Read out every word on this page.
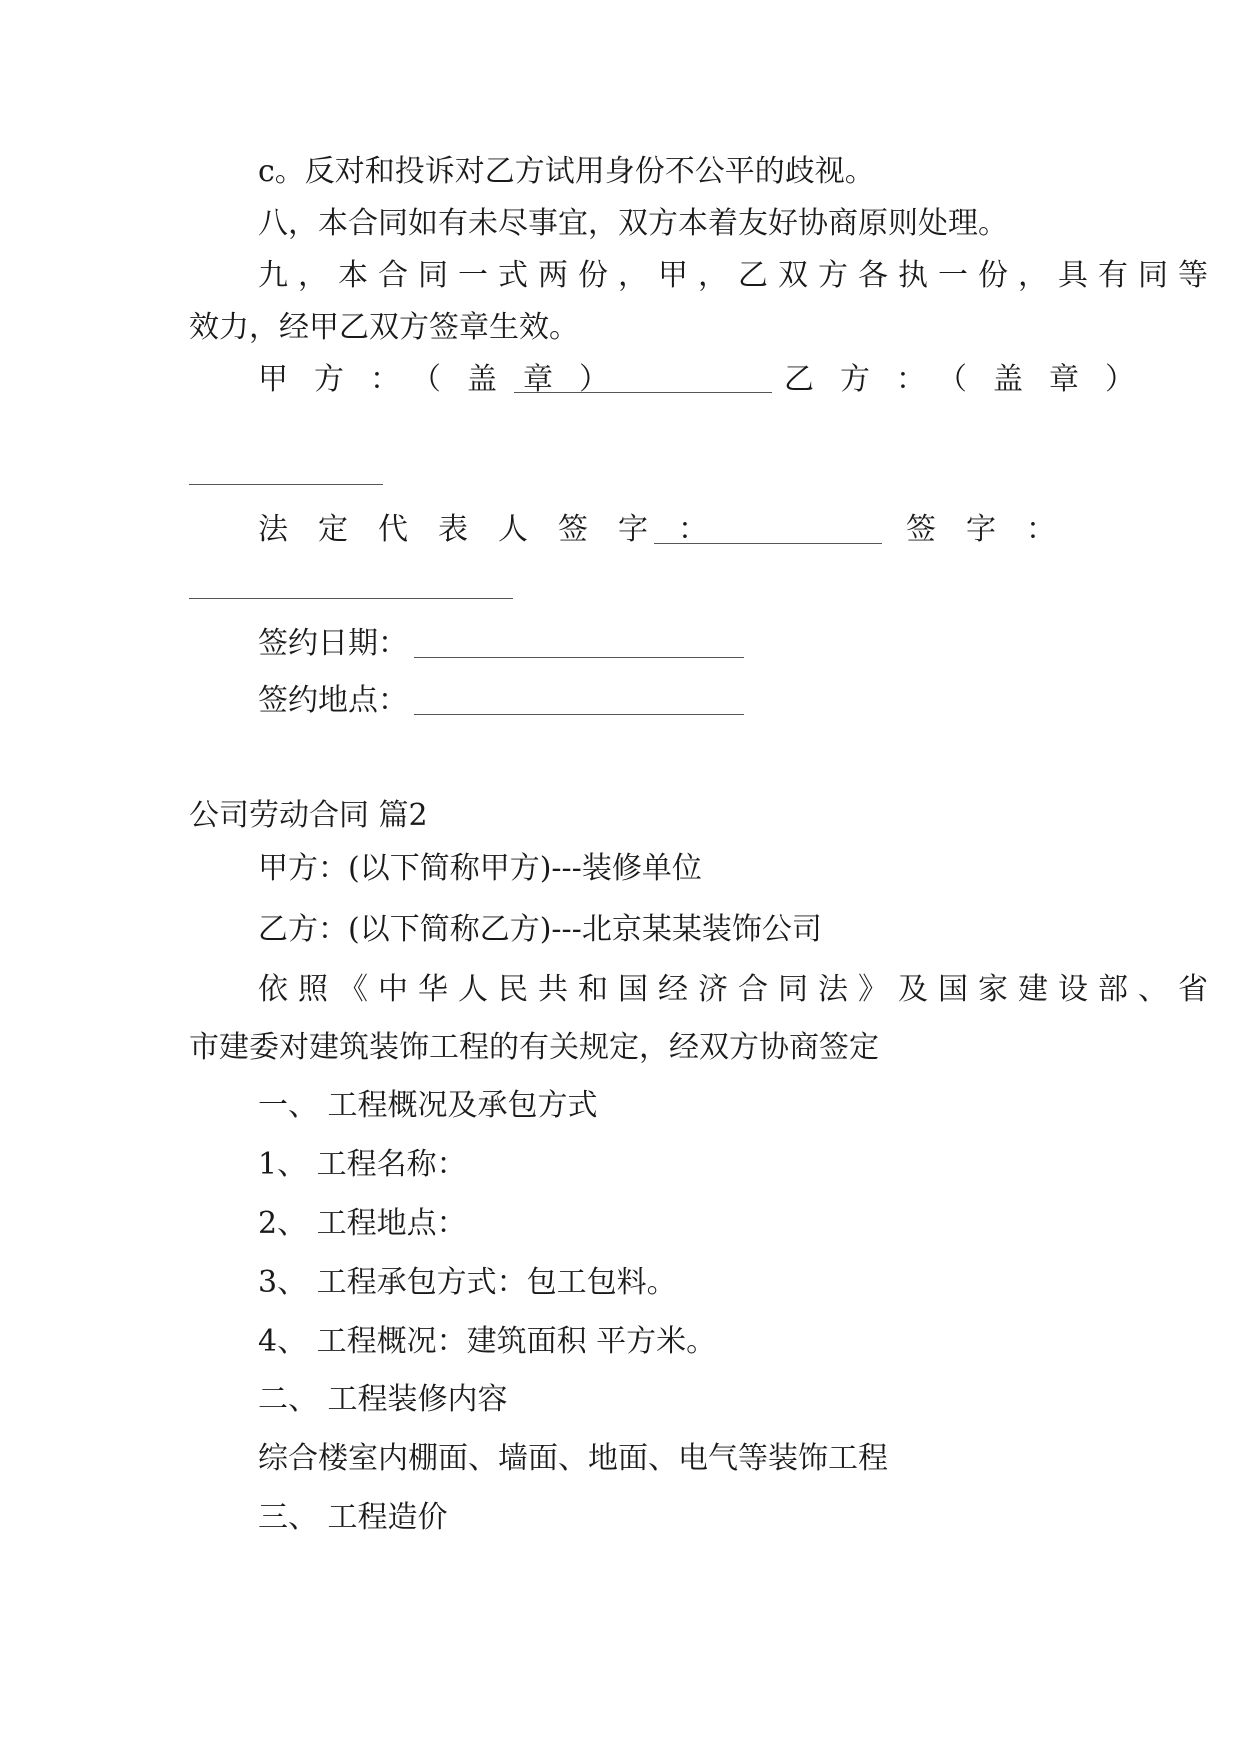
c。反对和投诉对乙方试用身份不公平的歧视。
八，本合同如有未尽事宜，双方本着友好协商原则处理。
九，本合同一式两份，甲，乙双方各执一份，具有同等
效力，经甲乙双方签章生效。
甲方：（盖章）	乙方：（盖章）
法定代表人签字：	签字：
签约日期：
签约地点：
公司劳动合同 篇2
甲方：(以下简称甲方)---装修单位
乙方：(以下简称乙方)---北京某某装饰公司
依照《中华人民共和国经济合同法》及国家建设部、省
市建委对建筑装饰工程的有关规定，经双方协商签定
一、 工程概况及承包方式
1、 工程名称：
2、 工程地点：
3、 工程承包方式：包工包料。
4、 工程概况：建筑面积 平方米。
二、 工程装修内容
综合楼室内棚面、墙面、地面、电气等装饰工程
三、 工程造价
